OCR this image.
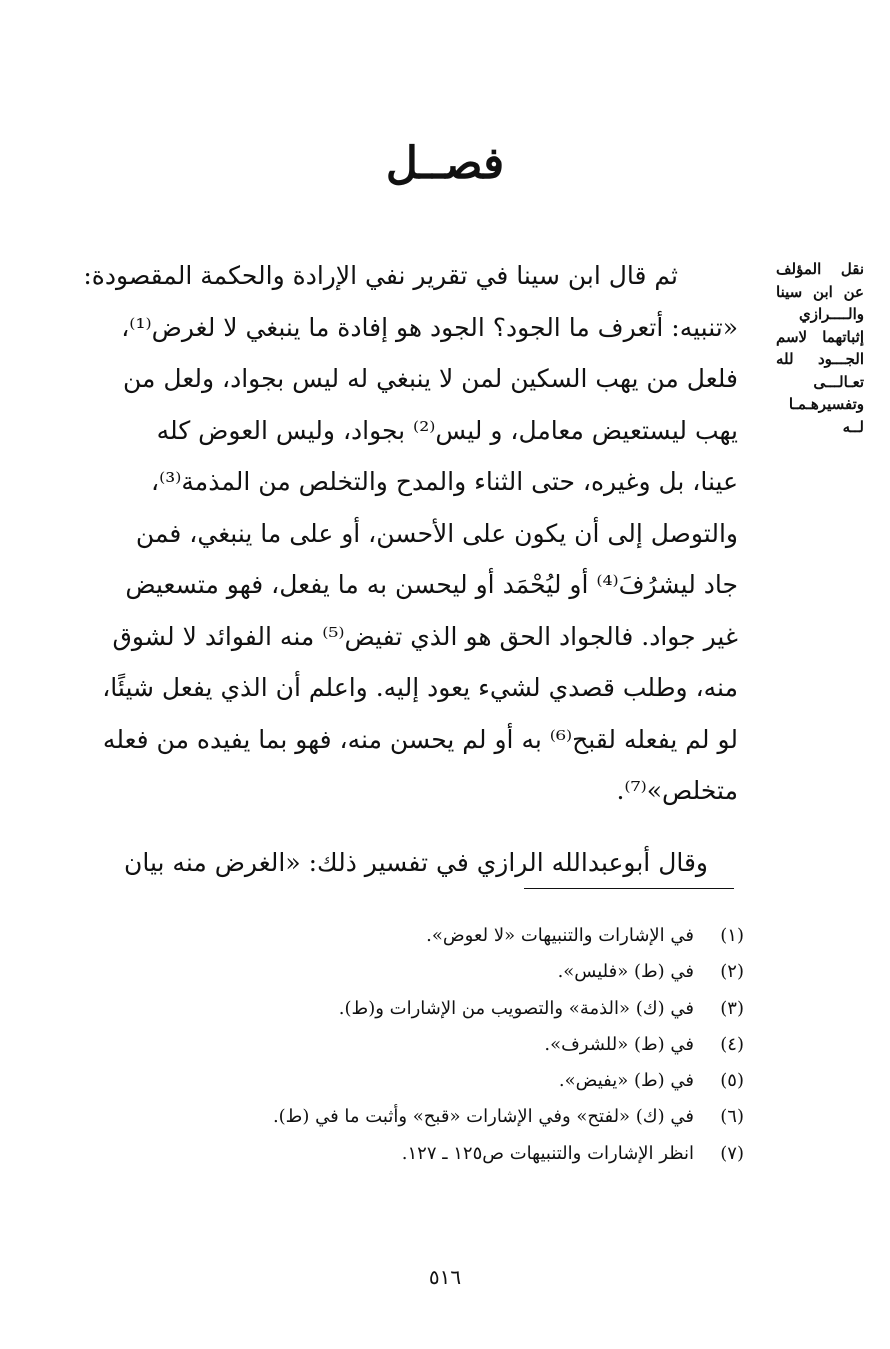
فصــل
نقل المؤلف
عن ابن سينا
والــــرازي
إثباتهما لاسم
الجـــود لله
تعـالـــى
وتفسيرهـمـا
لــه
ثم قال ابن سينا في تقرير نفي الإرادة والحكمة المقصودة:
«تنبيه: أتعرف ما الجود؟ الجود هو إفادة ما ينبغي لا لغرض⁽¹⁾،
فلعل من يهب السكين لمن لا ينبغي له ليس بجواد، ولعل من
يهب ليستعيض معامل، و ليس⁽²⁾ بجواد، وليس العوض كله
عينا، بل وغيره، حتى الثناء والمدح والتخلص من المذمة⁽³⁾،
والتوصل إلى أن يكون على الأحسن، أو على ما ينبغي، فمن
جاد ليشرُفَ⁽⁴⁾ أو ليُحْمَد أو ليحسن به ما يفعل، فهو متسعيض
غير جواد. فالجواد الحق هو الذي تفيض⁽⁵⁾ منه الفوائد لا لشوق
منه، وطلب قصدي لشيء يعود إليه. واعلم أن الذي يفعل شيئًا،
لو لم يفعله لقبح⁽⁶⁾ به أو لم يحسن منه، فهو بما يفيده من فعله
متخلص»⁽⁷⁾.
وقال أبوعبدالله الرازي في تفسير ذلك: «الغرض منه بيان
(١)
في الإشارات والتنبيهات «لا لعوض».
(٢)
في (ط) «فليس».
(٣)
في (ك) «الذمة» والتصويب من الإشارات و(ط).
(٤)
في (ط) «للشرف».
(٥)
في (ط) «يفيض».
(٦)
في (ك) «لفتح» وفي الإشارات «قبح» وأثبت ما في (ط).
(٧)
انظر الإشارات والتنبيهات ص١٢٥ ـ ١٢٧.
٥١٦
